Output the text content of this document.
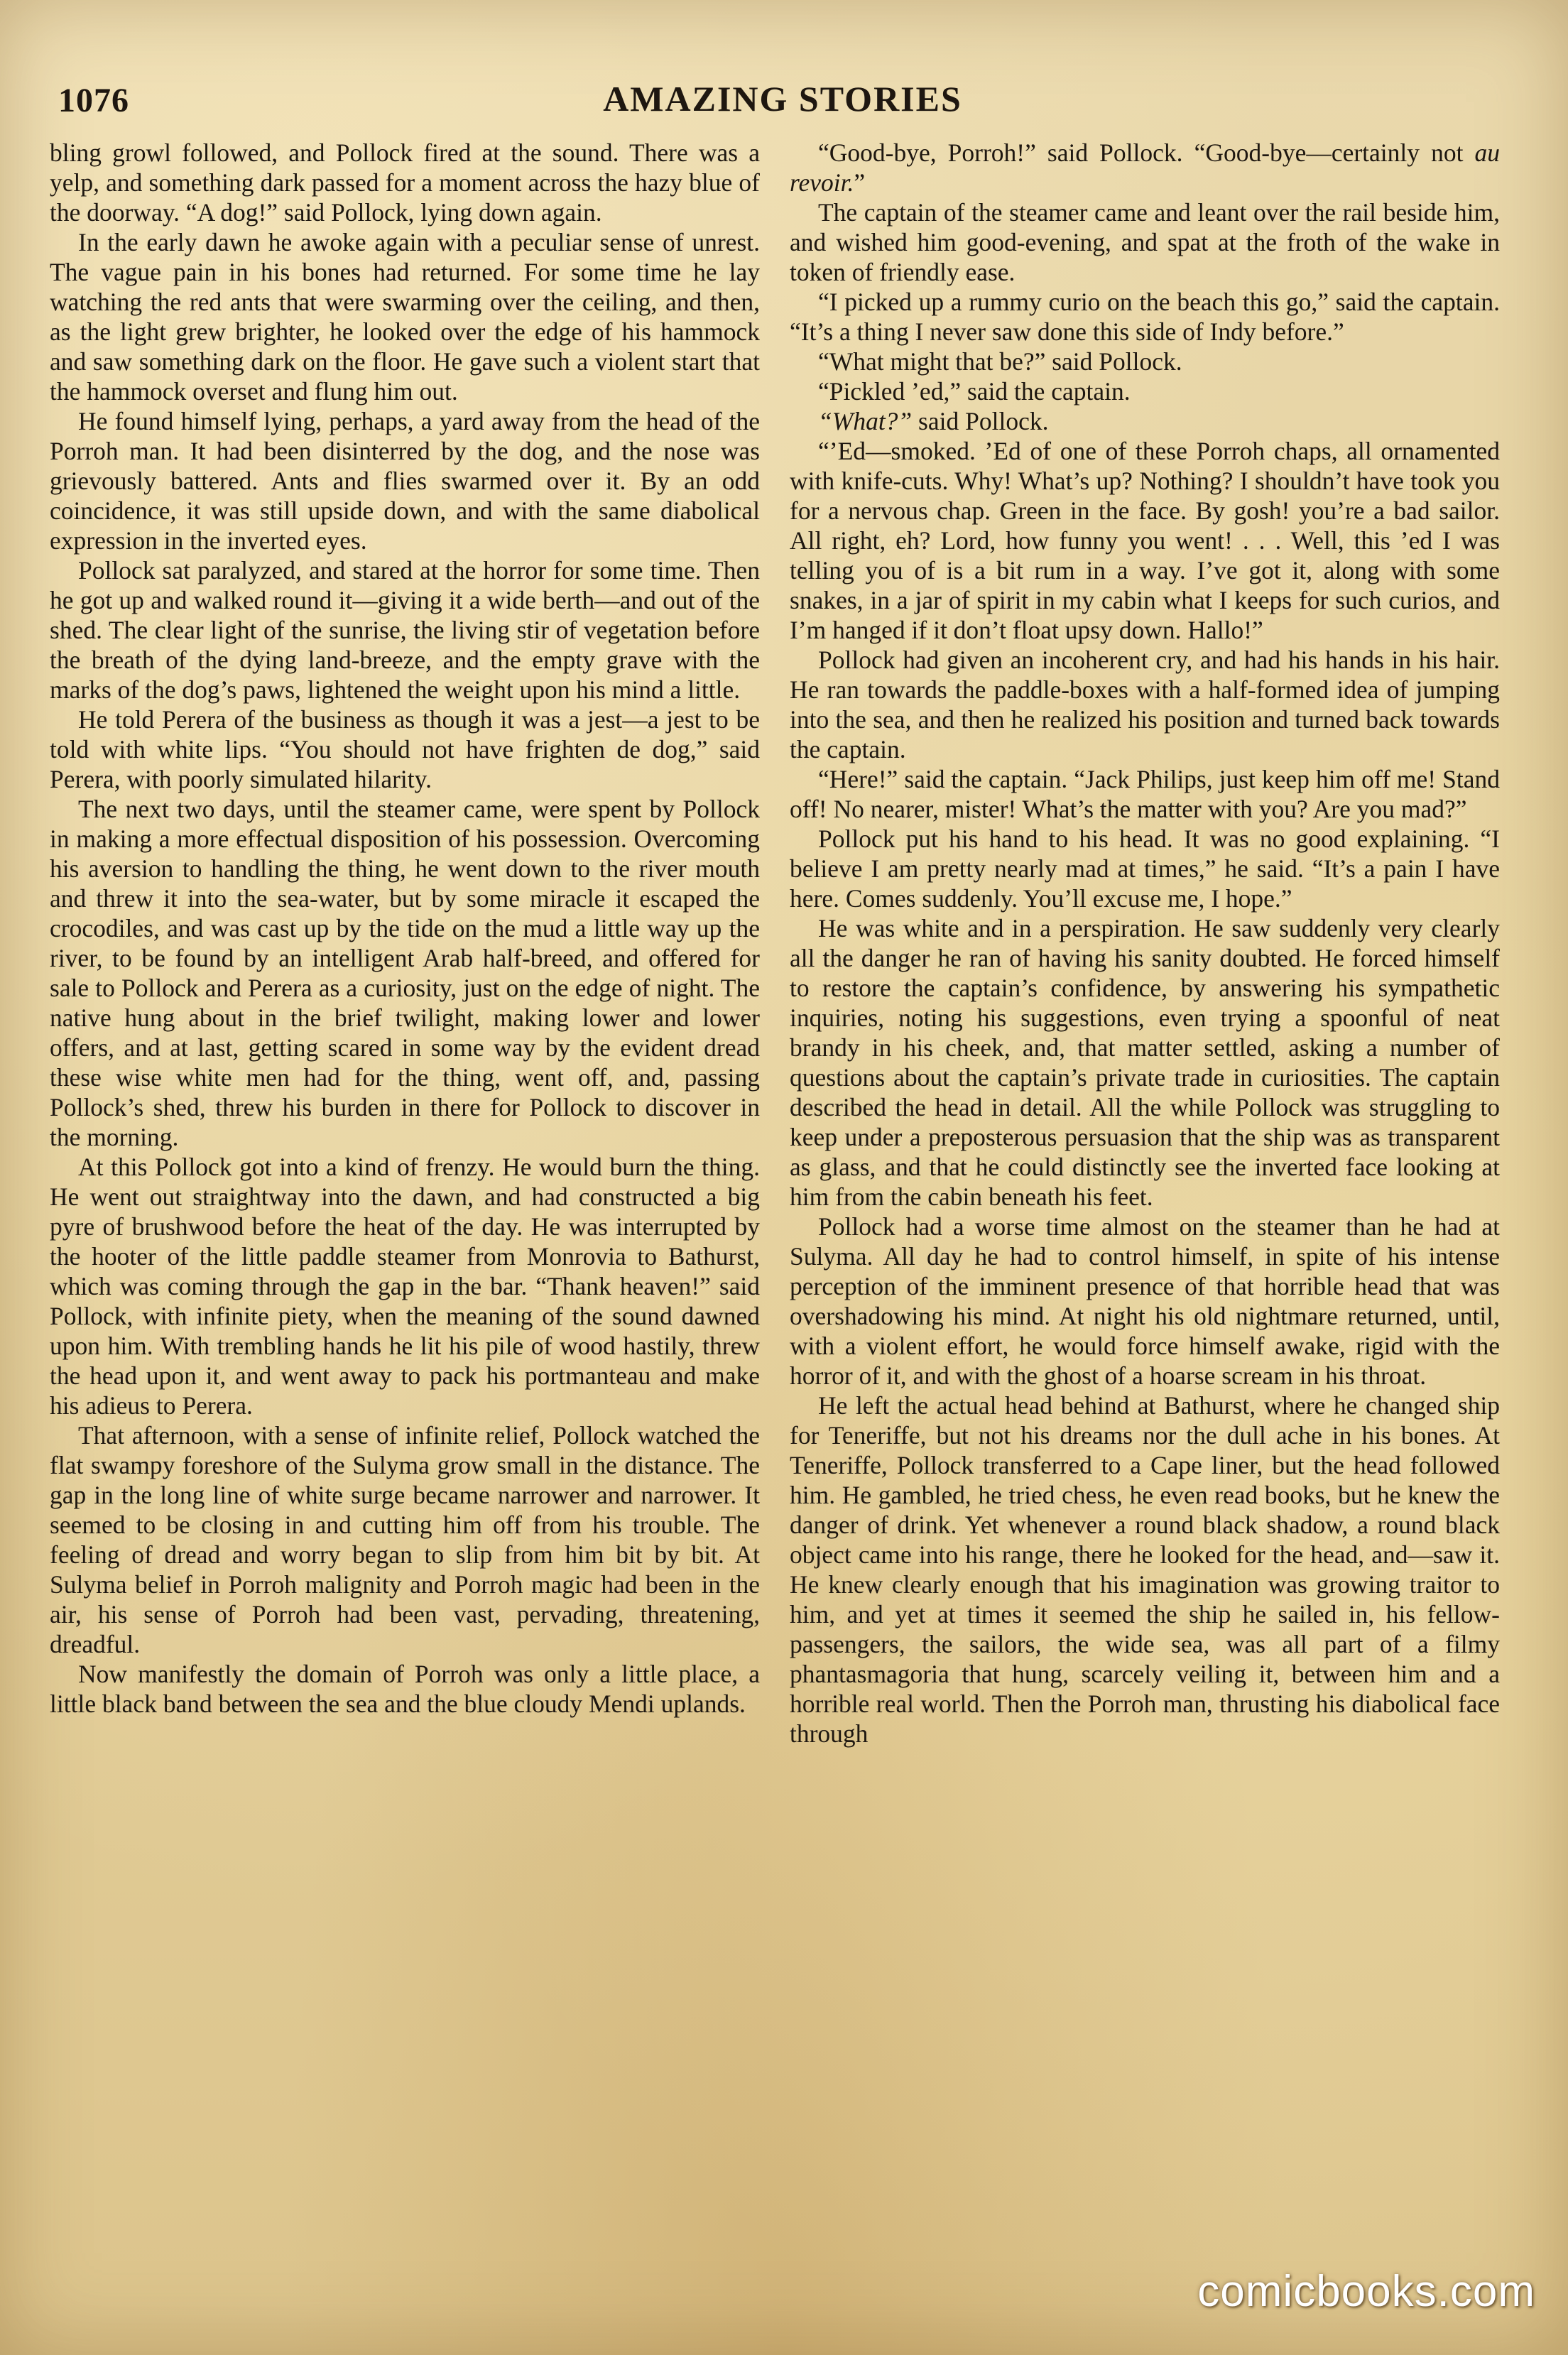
1076	AMAZING STORIES

bling growl followed, and Pollock fired at the sound. There was a yelp, and something dark passed for a moment across the hazy blue of the doorway. “A dog!” said Pollock, lying down again.

In the early dawn he awoke again with a peculiar sense of unrest. The vague pain in his bones had returned. For some time he lay watching the red ants that were swarming over the ceiling, and then, as the light grew brighter, he looked over the edge of his hammock and saw something dark on the floor. He gave such a violent start that the hammock overset and flung him out.

He found himself lying, perhaps, a yard away from the head of the Porroh man. It had been disinterred by the dog, and the nose was grievously battered. Ants and flies swarmed over it. By an odd coincidence, it was still upside down, and with the same diabolical expression in the inverted eyes.

Pollock sat paralyzed, and stared at the horror for some time. Then he got up and walked round it—giving it a wide berth—and out of the shed. The clear light of the sunrise, the living stir of vegetation before the breath of the dying land-breeze, and the empty grave with the marks of the dog’s paws, lightened the weight upon his mind a little.

He told Perera of the business as though it was a jest—a jest to be told with white lips. “You should not have frighten de dog,” said Perera, with poorly simulated hilarity.

The next two days, until the steamer came, were spent by Pollock in making a more effectual disposition of his possession. Overcoming his aversion to handling the thing, he went down to the river mouth and threw it into the sea-water, but by some miracle it escaped the crocodiles, and was cast up by the tide on the mud a little way up the river, to be found by an intelligent Arab half-breed, and offered for sale to Pollock and Perera as a curiosity, just on the edge of night. The native hung about in the brief twilight, making lower and lower offers, and at last, getting scared in some way by the evident dread these wise white men had for the thing, went off, and, passing Pollock’s shed, threw his burden in there for Pollock to discover in the morning.

At this Pollock got into a kind of frenzy. He would burn the thing. He went out straightway into the dawn, and had constructed a big pyre of brushwood before the heat of the day. He was interrupted by the hooter of the little paddle steamer from Monrovia to Bathurst, which was coming through the gap in the bar. “Thank heaven!” said Pollock, with infinite piety, when the meaning of the sound dawned upon him. With trembling hands he lit his pile of wood hastily, threw the head upon it, and went away to pack his portmanteau and make his adieus to Perera.

That afternoon, with a sense of infinite relief, Pollock watched the flat swampy foreshore of the Sulyma grow small in the distance. The gap in the long line of white surge became narrower and narrower. It seemed to be closing in and cutting him off from his trouble. The feeling of dread and worry began to slip from him bit by bit. At Sulyma belief in Porroh malignity and Porroh magic had been in the air, his sense of Porroh had been vast, pervading, threatening, dreadful.

Now manifestly the domain of Porroh was only a little place, a little black band between the sea and the blue cloudy Mendi uplands.

“Good-bye, Porroh!” said Pollock. “Good-bye—certainly not au revoir.”

The captain of the steamer came and leant over the rail beside him, and wished him good-evening, and spat at the froth of the wake in token of friendly ease.

“I picked up a rummy curio on the beach this go,” said the captain. “It’s a thing I never saw done this side of Indy before.”

“What might that be?” said Pollock.

“Pickled ’ed,” said the captain.

“What?” said Pollock.

“’Ed—smoked. ’Ed of one of these Porroh chaps, all ornamented with knife-cuts. Why! What’s up? Nothing? I shouldn’t have took you for a nervous chap. Green in the face. By gosh! you’re a bad sailor. All right, eh? Lord, how funny you went! . . . Well, this ’ed I was telling you of is a bit rum in a way. I’ve got it, along with some snakes, in a jar of spirit in my cabin what I keeps for such curios, and I’m hanged if it don’t float upsy down. Hallo!”

Pollock had given an incoherent cry, and had his hands in his hair. He ran towards the paddle-boxes with a half-formed idea of jumping into the sea, and then he realized his position and turned back towards the captain.

“Here!” said the captain. “Jack Philips, just keep him off me! Stand off! No nearer, mister! What’s the matter with you? Are you mad?”

Pollock put his hand to his head. It was no good explaining. “I believe I am pretty nearly mad at times,” he said. “It’s a pain I have here. Comes suddenly. You’ll excuse me, I hope.”

He was white and in a perspiration. He saw suddenly very clearly all the danger he ran of having his sanity doubted. He forced himself to restore the captain’s confidence, by answering his sympathetic inquiries, noting his suggestions, even trying a spoonful of neat brandy in his cheek, and, that matter settled, asking a number of questions about the captain’s private trade in curiosities. The captain described the head in detail. All the while Pollock was struggling to keep under a preposterous persuasion that the ship was as transparent as glass, and that he could distinctly see the inverted face looking at him from the cabin beneath his feet.

Pollock had a worse time almost on the steamer than he had at Sulyma. All day he had to control himself, in spite of his intense perception of the imminent presence of that horrible head that was overshadowing his mind. At night his old nightmare returned, until, with a violent effort, he would force himself awake, rigid with the horror of it, and with the ghost of a hoarse scream in his throat.

He left the actual head behind at Bathurst, where he changed ship for Teneriffe, but not his dreams nor the dull ache in his bones. At Teneriffe, Pollock transferred to a Cape liner, but the head followed him. He gambled, he tried chess, he even read books, but he knew the danger of drink. Yet whenever a round black shadow, a round black object came into his range, there he looked for the head, and—saw it. He knew clearly enough that his imagination was growing traitor to him, and yet at times it seemed the ship he sailed in, his fellow-passengers, the sailors, the wide sea, was all part of a filmy phantasmagoria that hung, scarcely veiling it, between him and a horrible real world. Then the Porroh man, thrusting his diabolical face through

comicbooks.com
